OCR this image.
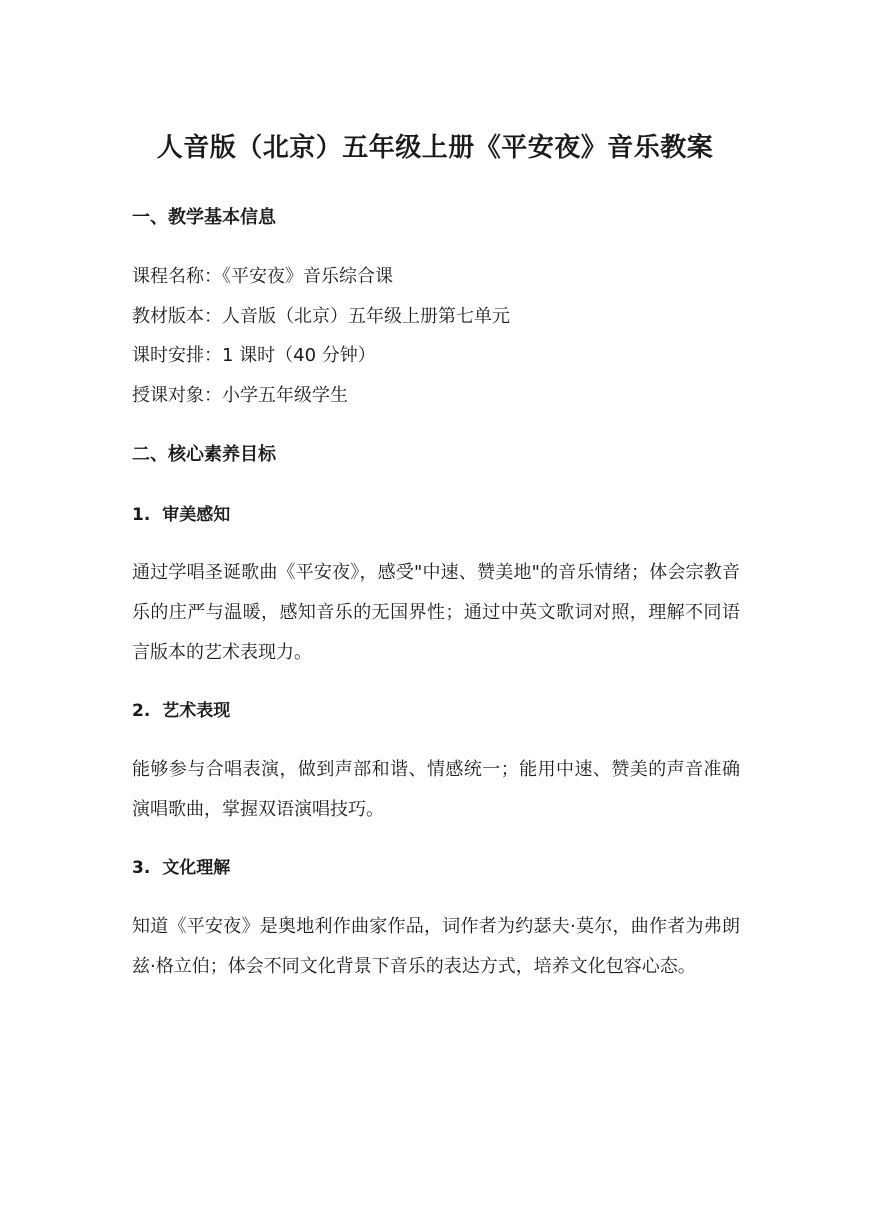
人音版（北京）五年级上册《平安夜》音乐教案
一、教学基本信息
课程名称：《平安夜》音乐综合课
教材版本：人音版（北京）五年级上册第七单元
课时安排：1 课时（40 分钟）
授课对象：小学五年级学生
二、核心素养目标
1. 审美感知

通过学唱圣诞歌曲《平安夜》，感受"中速、赞美地"的音乐情绪；体会宗教音乐的庄严与温暖，感知音乐的无国界性；通过中英文歌词对照，理解不同语言版本的艺术表现力。

2. 艺术表现

能够参与合唱表演，做到声部和谐、情感统一；能用中速、赞美的声音准确演唱歌曲，掌握双语演唱技巧。

3. 文化理解

知道《平安夜》是奥地利作曲家作品，词作者为约瑟夫·莫尔，曲作者为弗朗兹·格立伯；体会不同文化背景下音乐的表达方式，培养文化包容心态。
